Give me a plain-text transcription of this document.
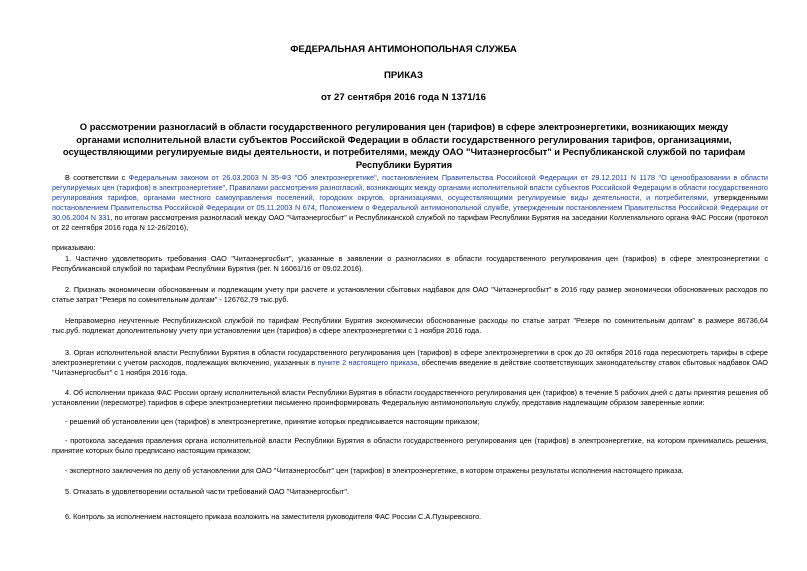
ФЕДЕРАЛЬНАЯ АНТИМОНОПОЛЬНАЯ СЛУЖБА
ПРИКАЗ
от 27 сентября 2016 года N 1371/16
О рассмотрении разногласий в области государственного регулирования цен (тарифов) в сфере электроэнергетики, возникающих между органами исполнительной власти субъектов Российской Федерации в области государственного регулирования тарифов, организациями, осуществляющими регулируемые виды деятельности, и потребителями, между ОАО "Читаэнергосбыт" и Республиканской службой по тарифам Республики Бурятия
В соответствии с Федеральным законом от 26.03.2003 N 35-ФЗ "Об электроэнергетике", постановлением Правительства Российской Федерации от 29.12.2011 N 1178 "О ценообразовании в области регулируемых цен (тарифов) в электроэнергетике", Правилами рассмотрения разногласий, возникающих между органами исполнительной власти субъектов Российской Федерации в области государственного регулирования тарифов, органами местного самоуправления поселений, городских округов, организациями, осуществляющими регулируемые виды деятельности, и потребителями, утвержденными постановлением Правительства Российской Федерации от 05.11.2003 N 674, Положением о Федеральной антимонопольной службе, утвержденным постановлением Правительства Российской Федерации от 30.06.2004 N 331, по итогам рассмотрения разногласий между ОАО "Читаэнергосбыт" и Республиканской службой по тарифам Республики Бурятия на заседании Коллегиального органа ФАС России (протокол от 22 сентября 2016 года N 12-26/2016),
приказываю:
1. Частично удовлетворить требования ОАО "Читаэнергосбыт", указанные в заявлении о разногласиях в области государственного регулирования цен (тарифов) в сфере электроэнергетики с Республиканской службой по тарифам Республики Бурятия (рег. N 16061/16 от 09.02.2016).
2. Признать экономически обоснованным и подлежащим учету при расчете и установлении сбытовых надбавок для ОАО "Читаэнергосбыт" в 2016 году размер экономически обоснованных расходов по статье затрат "Резерв по сомнительным долгам" - 126762,79 тыс.руб.
Неправомерно неучтенные Республиканской службой по тарифам Республики Бурятия экономически обоснованные расходы по статье затрат "Резерв по сомнительным долгам" в размере 86736,64 тыс.руб. подлежат дополнительному учету при установлении цен (тарифов) в сфере электроэнергетики с 1 ноября 2016 года.
3. Орган исполнительной власти Республики Бурятия в области государственного регулирования цен (тарифов) в сфере электроэнергетики в срок до 20 октября 2016 года пересмотреть тарифы в сфере электроэнергетики с учетом расходов, подлежащих включению, указанных в пункте 2 настоящего приказа, обеспечив введение в действие соответствующих законодательству ставок сбытовых надбавок ОАО "Читаэнергосбыт" с 1 ноября 2016 года.
4. Об исполнении приказа ФАС России органу исполнительной власти Республики Бурятия в области государственного регулирования цен (тарифов) в течение 5 рабочих дней с даты принятия решения об установлении (пересмотре) тарифов в сфере электроэнергетики письменно проинформировать Федеральную антимонопольную службу, представив надлежащим образом заверенные копии:
- решений об установлении цен (тарифов) в электроэнергетике, принятие которых предписывается настоящим приказом;
- протокола заседания правления органа исполнительной власти Республики Бурятия в области государственного регулирования цен (тарифов) в электроэнергетике, на котором принимались решения, принятие которых было предписано настоящим приказом;
- экспертного заключения по делу об установлении для ОАО "Читаэнергосбыт" цен (тарифов) в электроэнергетике, в котором отражены результаты исполнения настоящего приказа.
5. Отказать в удовлетворении остальной части требований ОАО "Читаэнергосбыт".
6. Контроль за исполнением настоящего приказа возложить на заместителя руководителя ФАС России С.А.Пузыревского.
